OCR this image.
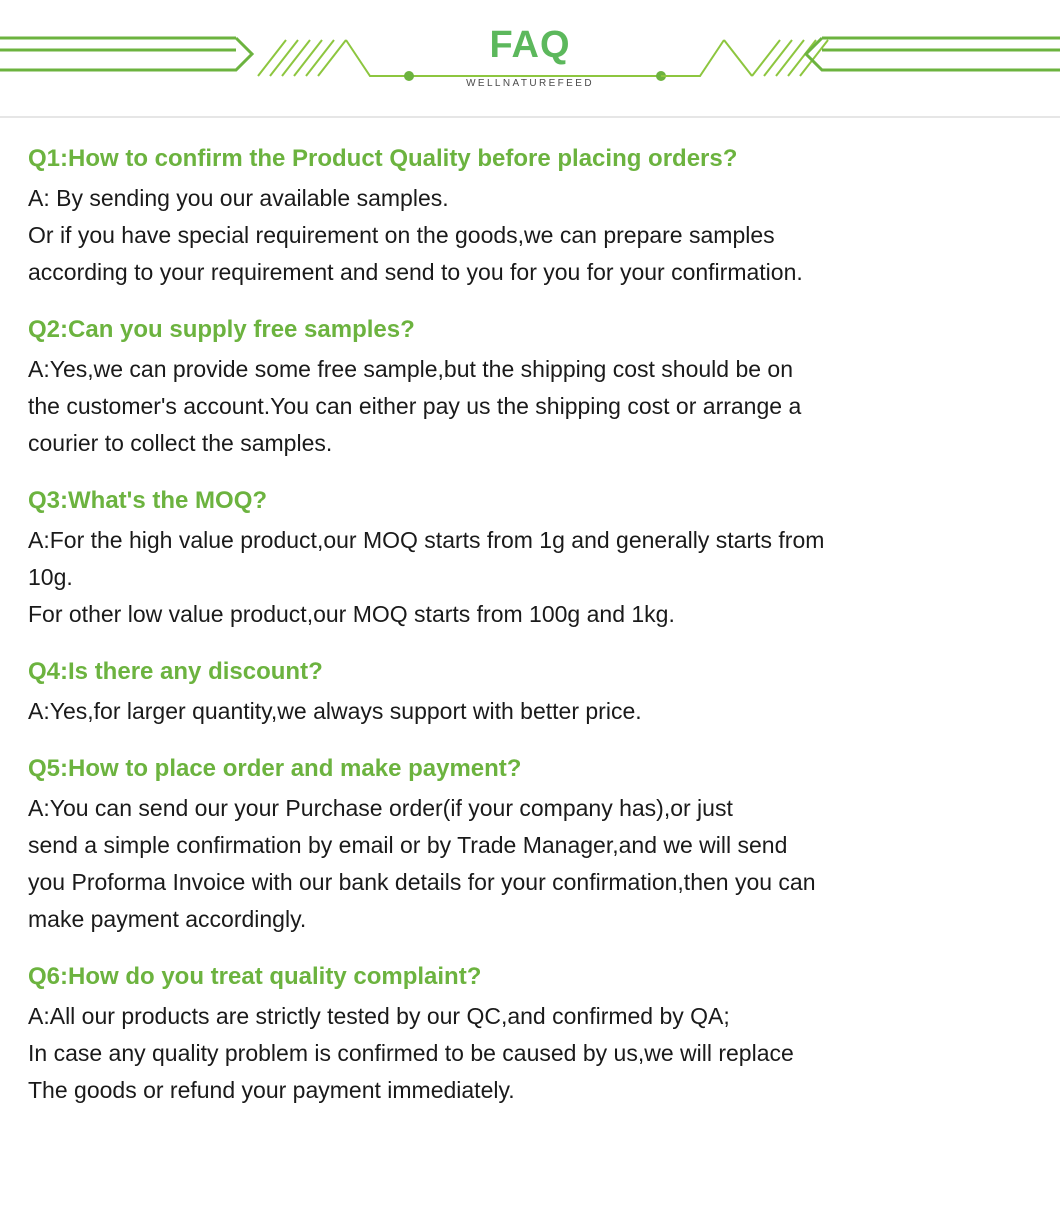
FAQ
WELLNATUREFEED

Q1:How to confirm the Product Quality before placing orders?

A: By sending you our available samples.

Or if you have special requirement on the goods,we can prepare samples

according to your requirement and send to you for you for your confirmation.

Q2:Can you supply free samples?

A:Yes,we can provide some free sample,but the shipping cost should be on

the customer's account.You can either pay us the shipping cost or arrange a

courier to collect the samples.

Q3:What's the MOQ?

A:For the high value product,our MOQ starts from 1g and generally starts from

10g.

For other low value product,our MOQ starts from 100g and 1kg.

Q4:Is there any discount?

A:Yes,for larger quantity,we always support with better price.

Q5:How to place order and make payment?

A:You can send our your Purchase order(if your company has),or just

send a simple confirmation by email or by Trade Manager,and we will send

you Proforma Invoice with our bank details for your confirmation,then you can

make payment accordingly.

Q6:How do you treat quality complaint?

A:All our products are strictly tested by our QC,and confirmed by QA;

In case any quality problem is confirmed to be caused by us,we will replace

The goods or refund your payment immediately.
